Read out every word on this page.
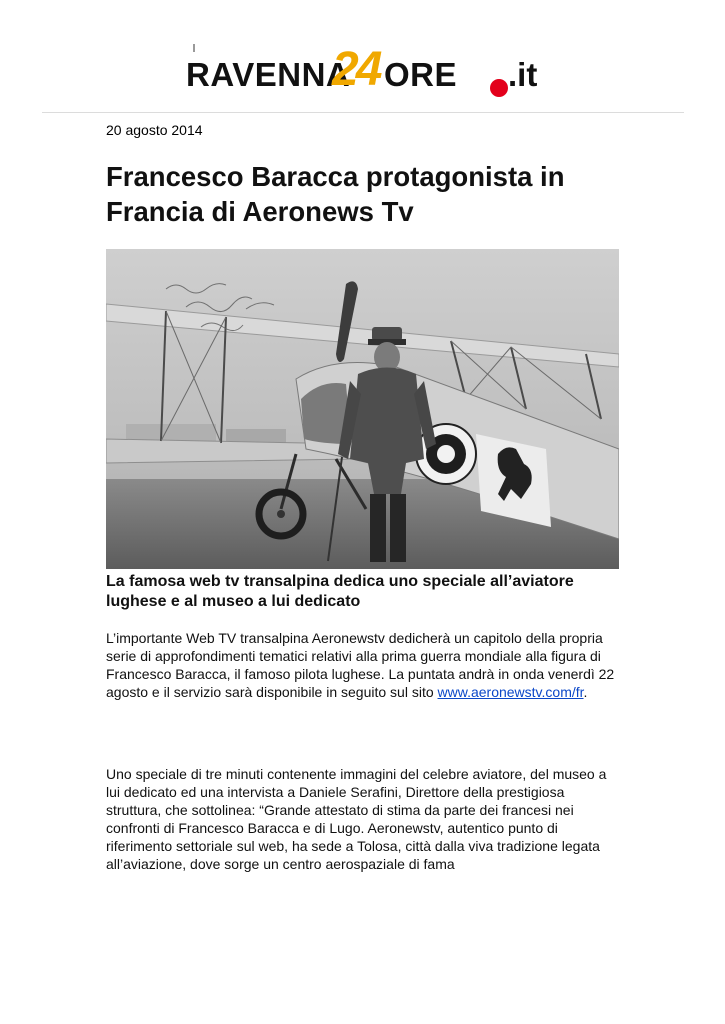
RAVENNA
24 ORE .it
20 agosto 2014
Francesco Baracca protagonista in Francia di Aeronews Tv
La famosa web tv transalpina dedica uno speciale all’aviatore lughese e al museo a lui dedicato

L’importante Web TV transalpina Aeronewstv dedicherà un capitolo della propria serie di approfondimenti tematici relativi alla prima guerra mondiale alla figura di Francesco Baracca, il famoso pilota lughese. La puntata andrà in onda venerdì 22 agosto e il servizio sarà disponibile in seguito sul sito www.aeronewstv.com/fr.

Uno speciale di tre minuti contenente immagini del celebre aviatore, del museo a lui dedicato ed una intervista a Daniele Serafini, Direttore della prestigiosa struttura, che sottolinea: “Grande attestato di stima da parte dei francesi nei confronti di Francesco Baracca e di Lugo. Aeronewstv, autentico punto di riferimento settoriale sul web, ha sede a Tolosa, città dalla viva tradizione legata all’aviazione, dove sorge un centro aerospaziale di fama
